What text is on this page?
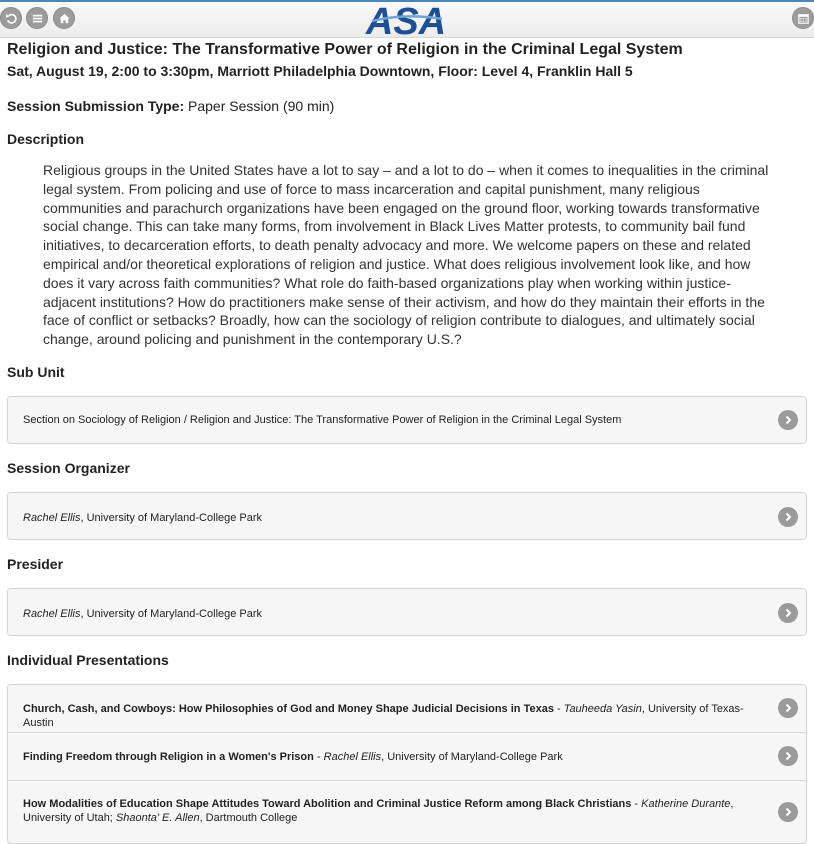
ASA
Religion and Justice: The Transformative Power of Religion in the Criminal Legal System
Sat, August 19, 2:00 to 3:30pm, Marriott Philadelphia Downtown, Floor: Level 4, Franklin Hall 5
Session Submission Type: Paper Session (90 min)
Description
Religious groups in the United States have a lot to say – and a lot to do – when it comes to inequalities in the criminal legal system. From policing and use of force to mass incarceration and capital punishment, many religious communities and parachurch organizations have been engaged on the ground floor, working towards transformative social change. This can take many forms, from involvement in Black Lives Matter protests, to community bail fund initiatives, to decarceration efforts, to death penalty advocacy and more. We welcome papers on these and related empirical and/or theoretical explorations of religion and justice. What does religious involvement look like, and how does it vary across faith communities? What role do faith-based organizations play when working within justice-adjacent institutions? How do practitioners make sense of their activism, and how do they maintain their efforts in the face of conflict or setbacks? Broadly, how can the sociology of religion contribute to dialogues, and ultimately social change, around policing and punishment in the contemporary U.S.?
Sub Unit
Section on Sociology of Religion / Religion and Justice: The Transformative Power of Religion in the Criminal Legal System
Session Organizer
Rachel Ellis, University of Maryland-College Park
Presider
Rachel Ellis, University of Maryland-College Park
Individual Presentations
Church, Cash, and Cowboys: How Philosophies of God and Money Shape Judicial Decisions in Texas - Tauheeda Yasin, University of Texas-Austin
Finding Freedom through Religion in a Women's Prison - Rachel Ellis, University of Maryland-College Park
How Modalities of Education Shape Attitudes Toward Abolition and Criminal Justice Reform among Black Christians - Katherine Durante, University of Utah; Shaonta' E. Allen, Dartmouth College
